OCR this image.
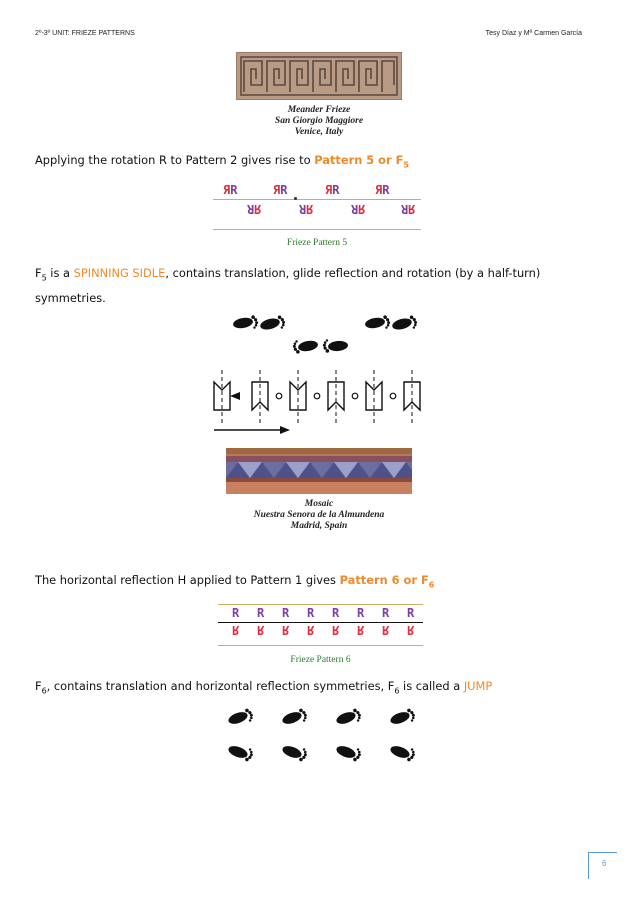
2º-3º UNIT: FRIEZE PATTERNS	Tesy Díaz y Mª Carmen García
Meander Frieze
San Giorgio Maggiore
Venice, Italy
Applying the rotation R to Pattern 2 gives rise to Pattern 5 or $F_5$
ЯR	ЯR	ЯR	ЯR
ЯR	ЯR	ЯR	ЯR
Frieze Pattern 5
$F_5$ is a SPINNING SIDLE, contains translation, glide reflection and rotation (by a half-turn)
symmetries.
Mosaic
Nuestra Senora de la Almundena
Madrid, Spain
The horizontal reflection H applied to Pattern 1 gives Pattern 6 or $F_6$
R R R R R R R R
R R R R R R R R
Frieze Pattern 6
$F_6$, contains translation and horizontal reflection symmetries, $F_6$ is called a JUMP
6
